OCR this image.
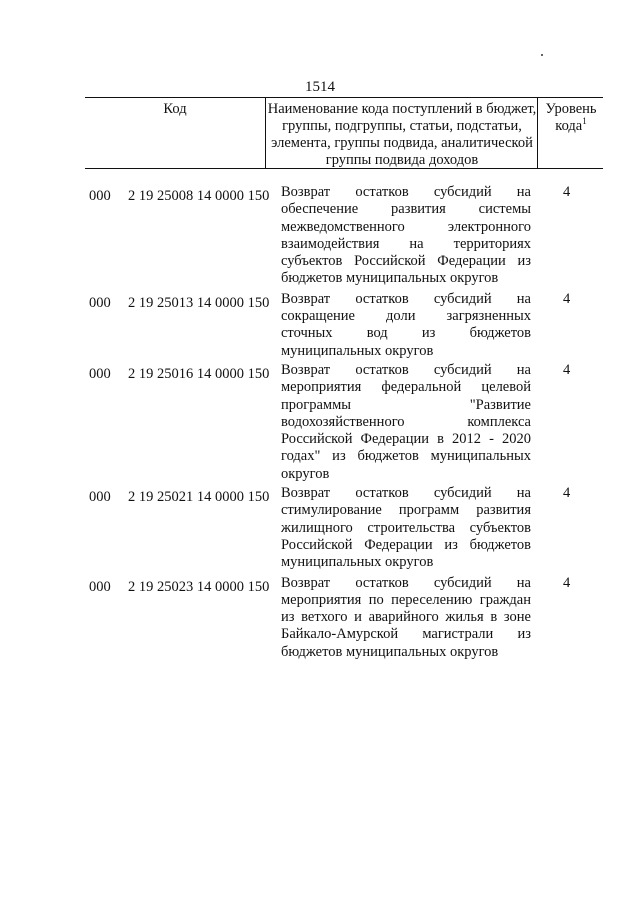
1514
Код	Наименование кода поступлений в бюджет, группы, подгруппы, статьи, подстатьи, элемента, группы подвида, аналитической группы подвида доходов
Уровень кода$^1$
000 2 19 25008 14 0000 150 Возврат остатков субсидий на обеспечение развития системы межведомственного электронного взаимодействия на территориях субъектов Российской Федерации из бюджетов муниципальных округов
4
000 2 19 25013 14 0000 150 Возврат остатков субсидий на сокращение доли загрязненных сточных вод из бюджетов муниципальных округов
4
000 2 19 25016 14 0000 150 Возврат остатков субсидий на мероприятия федеральной целевой программы "Развитие водохозяйственного комплекса Российской Федерации в 2012 - 2020 годах" из бюджетов муниципальных округов
4
000 2 19 25021 14 0000 150 Возврат остатков субсидий на стимулирование программ развития жилищного строительства субъектов Российской Федерации из бюджетов муниципальных округов
4
000 2 19 25023 14 0000 150 Возврат остатков субсидий на мероприятия по переселению граждан из ветхого и аварийного жилья в зоне Байкало-Амурской магистрали из бюджетов муниципальных округов
4
